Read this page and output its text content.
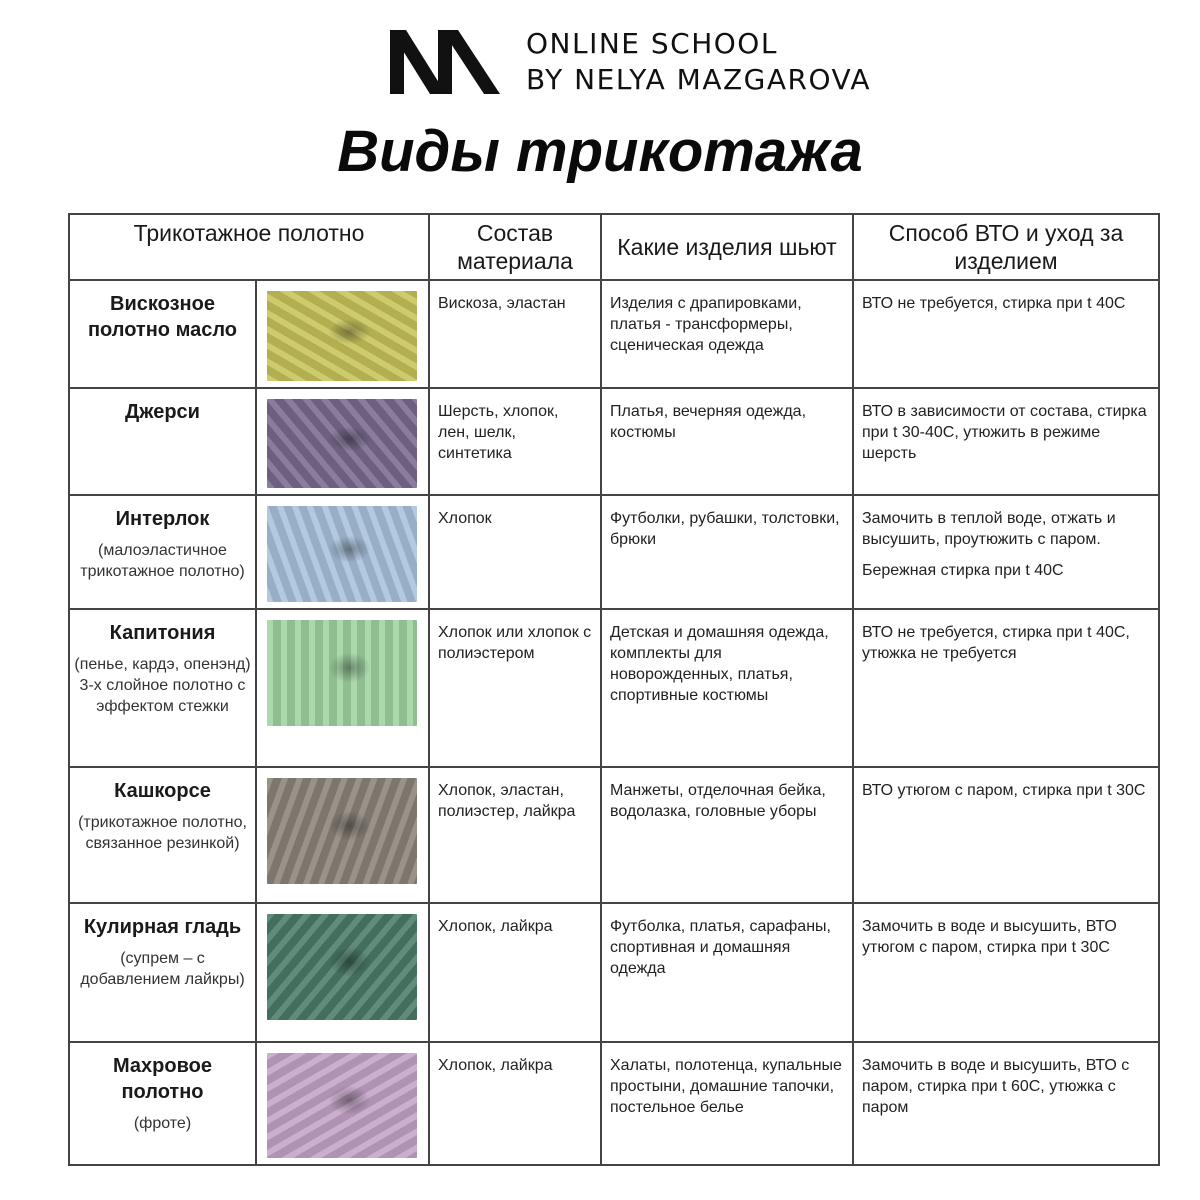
ONLINE SCHOOL
BY NELYA MAZGAROVA
Виды трикотажа
Трикотажное полотно		Состав материала	Какие изделия шьют	Способ ВТО и уход за изделием

Вискозное полотно масло		Вискоза, эластан	Изделия с драпировками, платья - трансформеры, сценическая одежда	ВТО не требуется, стирка при t 40С

Джерси		Шерсть, хлопок, лен, шелк, синтетика	Платья, вечерняя одежда, костюмы	ВТО в зависимости от состава, стирка при t 30-40С, утюжить в режиме шерсть

Интерлок
(малоэластичное трикотажное полотно)		Хлопок	Футболки, рубашки, толстовки, брюки	Замочить в теплой воде, отжать и высушить, проутюжить с паром.
Бережная стирка при t 40С

Капитония
(пенье, кардэ, опенэнд) 3-х слойное полотно с эффектом стежки		Хлопок или хлопок с полиэстером	Детская и домашняя одежда, комплекты для новорожденных, платья, спортивные костюмы	ВТО не требуется, стирка при t 40С, утюжка не требуется

Кашкорсе
(трикотажное полотно, связанное резинкой)		Хлопок, эластан, полиэстер, лайкра	Манжеты, отделочная бейка, водолазка, головные уборы	ВТО утюгом с паром, стирка при t 30С

Кулирная гладь
(супрем – с добавлением лайкры)		Хлопок, лайкра	Футболка, платья, сарафаны, спортивная и домашняя одежда	Замочить в воде и высушить, ВТО утюгом с паром, стирка при t 30С

Махровое полотно
(фроте)		Хлопок, лайкра	Халаты, полотенца, купальные простыни, домашние тапочки, постельное белье	Замочить в воде и высушить, ВТО с паром, стирка при t 60С, утюжка с паром
